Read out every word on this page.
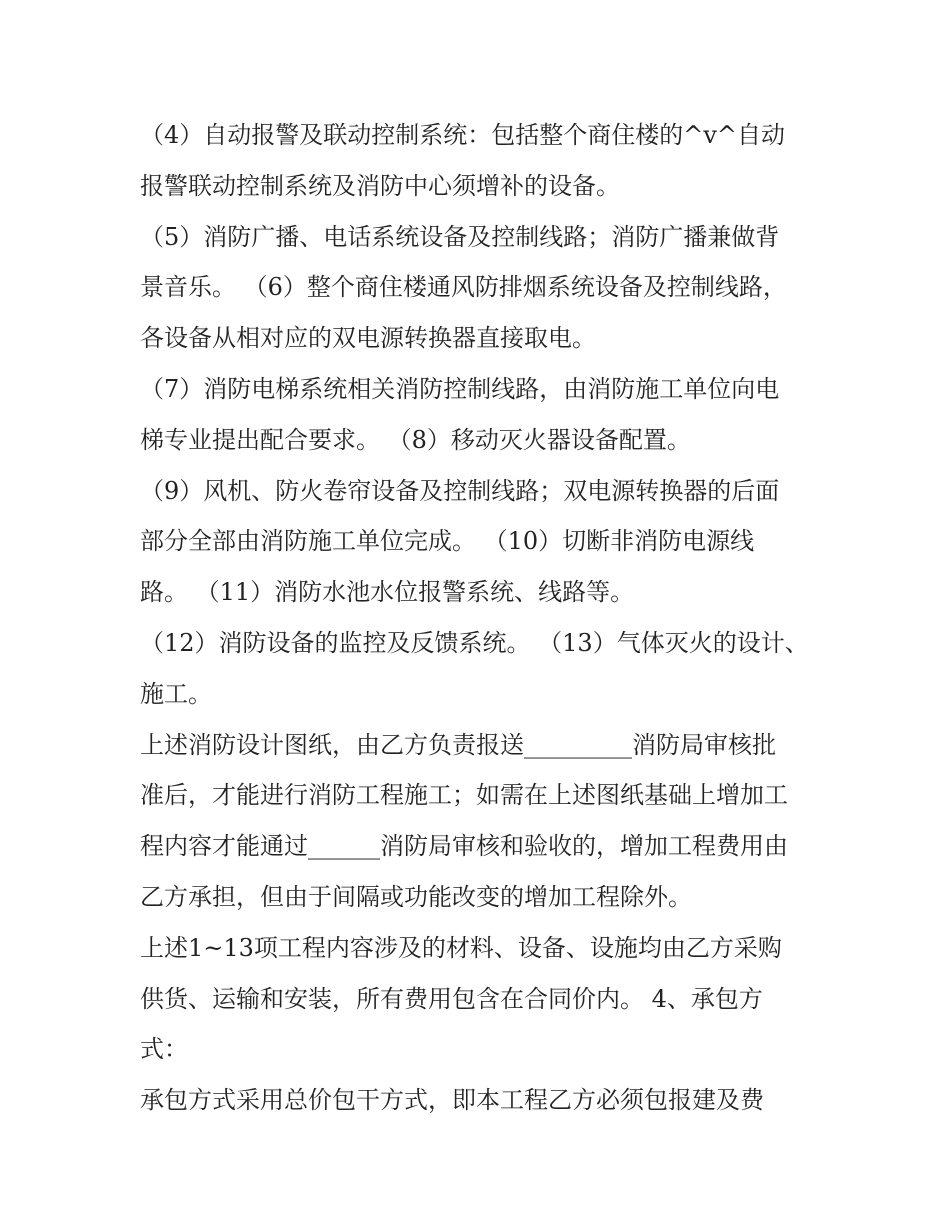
（4）自动报警及联动控制系统：包括整个商住楼的^v^自动
报警联动控制系统及消防中心须增补的设备。
（5）消防广播、电话系统设备及控制线路；消防广播兼做背
景音乐。 （6）整个商住楼通风防排烟系统设备及控制线路，
各设备从相对应的双电源转换器直接取电。
（7）消防电梯系统相关消防控制线路，由消防施工单位向电
梯专业提出配合要求。 （8）移动灭火器设备配置。
（9）风机、防火卷帘设备及控制线路；双电源转换器的后面
部分全部由消防施工单位完成。 （10）切断非消防电源线
路。 （11）消防水池水位报警系统、线路等。
（12）消防设备的监控及反馈系统。 （13）气体灭火的设计、
施工。
上述消防设计图纸，由乙方负责报送_________消防局审核批
准后，才能进行消防工程施工；如需在上述图纸基础上增加工
程内容才能通过______消防局审核和验收的，增加工程费用由
乙方承担，但由于间隔或功能改变的增加工程除外。
上述1~13项工程内容涉及的材料、设备、设施均由乙方采购
供货、运输和安装，所有费用包含在合同价内。 4、承包方
式：
承包方式采用总价包干方式，即本工程乙方必须包报建及费
